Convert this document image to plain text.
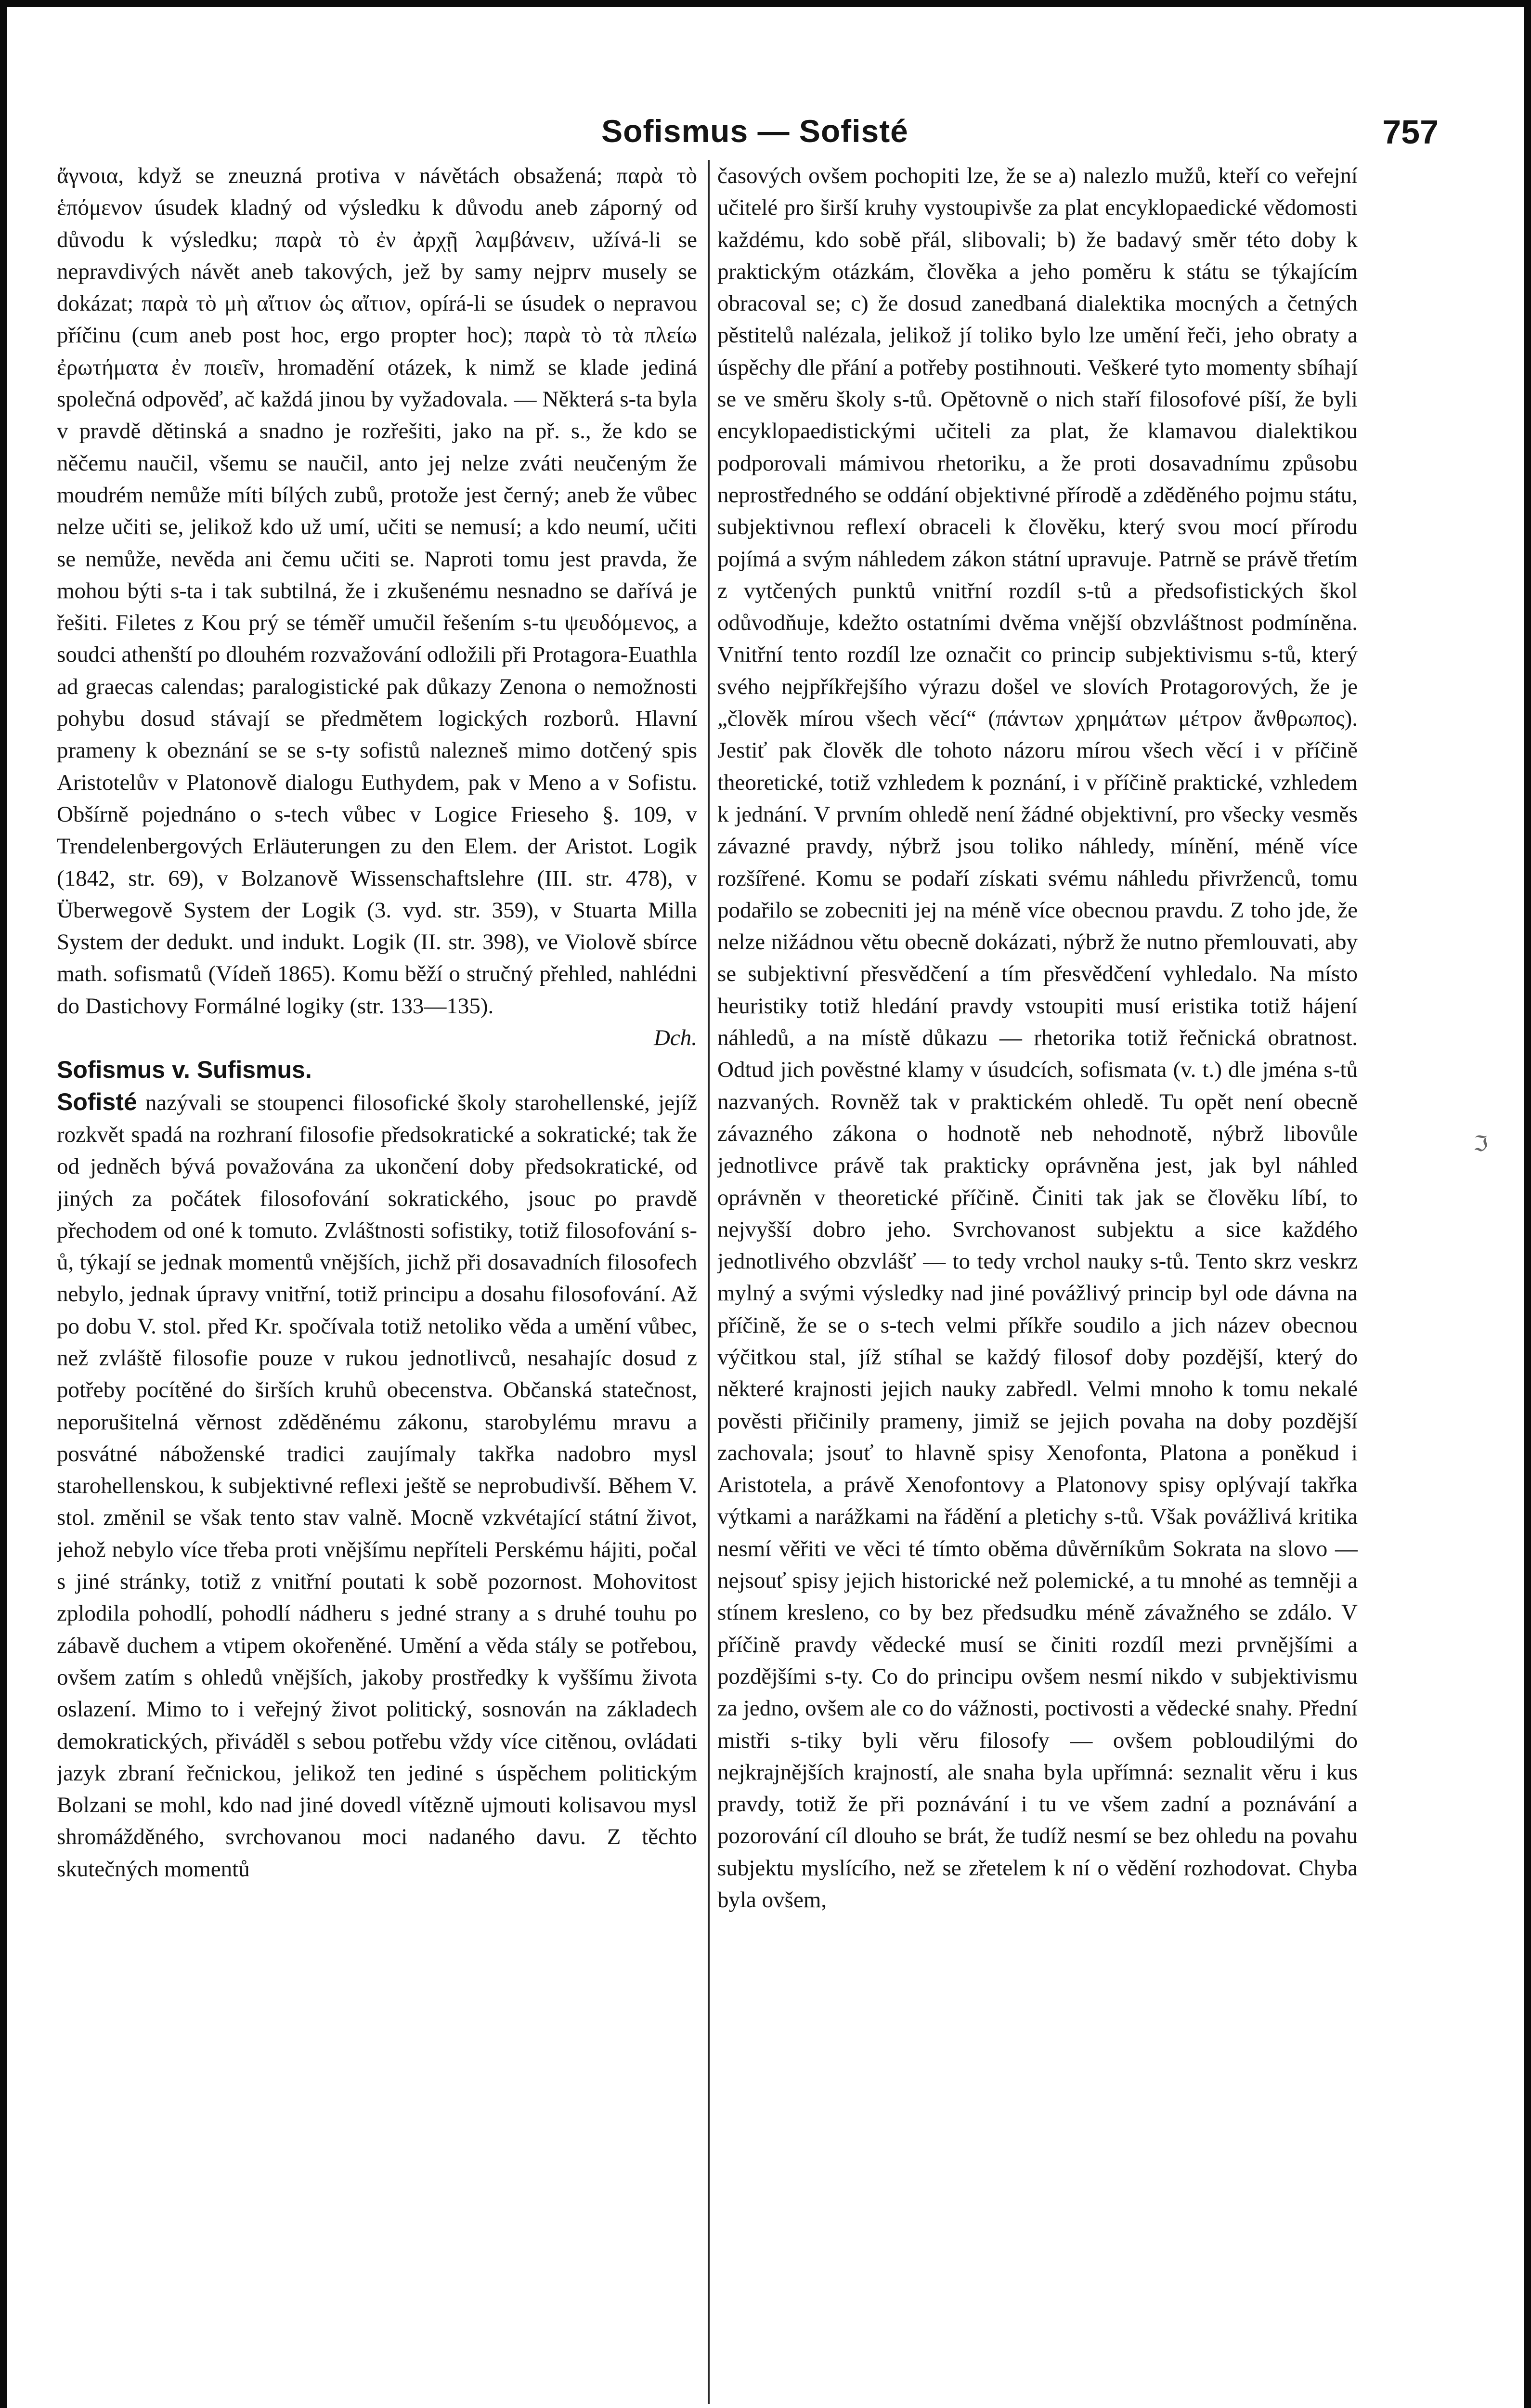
Sofismus — Sofisté	757

ἄγνοια, když se zneuzná protiva v návětách obsažená; παρὰ τὸ ἑπόμενον úsudek kladný od výsledku k důvodu aneb záporný od důvodu k výsledku; παρὰ τὸ ἐν ἀρχῇ λαμβάνειν, užívá-li se nepravdivých návět aneb takových, jež by samy nejprv musely se dokázat; παρὰ τὸ μὴ αἴτιον ὡς αἴτιον, opírá-li se úsudek o nepravou příčinu (cum aneb post hoc, ergo propter hoc); παρὰ τὸ τὰ πλείω ἐρωτήματα ἐν ποιεῖν, hromadění otázek, k nimž se klade jediná společná odpověď, ač každá jinou by vyžadovala. — Některá s-ta byla v pravdě dětinská a snadno je rozřešiti, jako na př. s., že kdo se něčemu naučil, všemu se naučil, anto jej nelze zváti neučeným že moudrém nemůže míti bílých zubů, protože jest černý; aneb že vůbec nelze učiti se, jelikož kdo už umí, učiti se nemusí; a kdo neumí, učiti se nemůže, nevěda ani čemu učiti se. Naproti tomu jest pravda, že mohou býti s-ta i tak subtilná, že i zkušenému nesnadno se dařívá je řešiti. Filetes z Kou prý se téměř umučil řešením s-tu ψευδόμενος, a soudci athenští po dlouhém rozvažování odložili při Protagora-Euathla ad graecas calendas; paralogistické pak důkazy Zenona o nemožnosti pohybu dosud stávají se předmětem logických rozborů. Hlavní prameny k obeznání se se s-ty sofistů nalezneš mimo dotčený spis Aristotelův v Platonově dialogu Euthydem, pak v Meno a v Sofistu. Obšírně pojednáno o s-tech vůbec v Logice Frieseho §. 109, v Trendelenbergových Erläuterungen zu den Elem. der Aristot. Logik (1842, str. 69), v Bolzanově Wissenschaftslehre (III. str. 478), v Überwegově System der Logik (3. vyd. str. 359), v Stuarta Milla System der dedukt. und indukt. Logik (II. str. 398), ve Violově sbírce math. sofismatů (Vídeň 1865). Komu běží o stručný přehled, nahlédni do Dastichovy Formálné logiky (str. 133—135).

Dch.

Sofismus v. Sufismus.

Sofisté nazývali se stoupenci filosofické školy starohellenské, jejíž rozkvět spadá na rozhraní filosofie předsokratické a sokratické; tak že od jedněch bývá považována za ukončení doby předsokratické, od jiných za počátek filosofování sokratického, jsouc po pravdě přechodem od oné k tomuto. Zvláštnosti sofistiky, totiž filosofování s-ů, týkají se jednak momentů vnějších, jichž při dosavadních filosofech nebylo, jednak úpravy vnitřní, totiž principu a dosahu filosofování. Až po dobu V. stol. před Kr. spočívala totiž netoliko věda a umění vůbec, než zvláště filosofie pouze v rukou jednotlivců, nesahajíc dosud z potřeby pocítěné do širších kruhů obecenstva. Občanská statečnost, neporušitelná věrnost zděděnému zákonu, starobylému mravu a posvátné náboženské tradici zaujímaly takřka nadobro mysl starohellenskou, k subjektivné reflexi ještě se neprobudivší. Během V. stol. změnil se však tento stav valně. Mocně vzkvétající státní život, jehož nebylo více třeba proti vnějšímu nepříteli Perskému hájiti, počal s jiné stránky, totiž z vnitřní poutati k sobě pozornost. Mohovitost zplodila pohodlí, pohodlí nádheru s jedné strany a s druhé touhu po zábavě duchem a vtipem okořeněné. Umění a věda stály se potřebou, ovšem zatím s ohledů vnějších, jakoby prostředky k vyššímu života oslazení. Mimo to i veřejný život politický, sosnován na základech demokratických, přiváděl s sebou potřebu vždy více citěnou, ovládati jazyk zbraní řečnickou, jelikož ten jediné s úspěchem politickým Bolzani se mohl, kdo nad jiné dovedl vítězně ujmouti kolisavou mysl shromážděného, svrchovanou moci nadaného davu. Z těchto skutečných momentů

časových ovšem pochopiti lze, že se a) nalezlo mužů, kteří co veřejní učitelé pro širší kruhy vystoupivše za plat encyklopaedické vědomosti každému, kdo sobě přál, slibovali; b) že badavý směr této doby k praktickým otázkám, člověka a jeho poměru k státu se týkajícím obracoval se; c) že dosud zanedbaná dialektika mocných a četných pěstitelů nalézala, jelikož jí toliko bylo lze umění řeči, jeho obraty a úspěchy dle přání a potřeby postihnouti. Veškeré tyto momenty sbíhají se ve směru školy s-tů. Opětovně o nich staří filosofové píší, že byli encyklopaedistickými učiteli za plat, že klamavou dialektikou podporovali mámivou rhetoriku, a že proti dosavadnímu způsobu neprostředného se oddání objektivné přírodě a zděděného pojmu státu, subjektivnou reflexí obraceli k člověku, který svou mocí přírodu pojímá a svým náhledem zákon státní upravuje. Patrně se právě třetím z vytčených punktů vnitřní rozdíl s-tů a předsofistických škol odůvodňuje, kdežto ostatními dvěma vnější obzvláštnost podmíněna. Vnitřní tento rozdíl lze označit co princip subjektivismu s-tů, který svého nejpříkřejšího výrazu došel ve slovích Protagorových, že je „člověk mírou všech věcí“ (πάντων χρημάτων μέτρον ἄνθρωπος). Jestiť pak člověk dle tohoto názoru mírou všech věcí i v příčině theoretické, totiž vzhledem k poznání, i v příčině praktické, vzhledem k jednání. V prvním ohledě není žádné objektivní, pro všecky vesměs závazné pravdy, nýbrž jsou toliko náhledy, mínění, méně více rozšířené. Komu se podaří získati svému náhledu přivrženců, tomu podařilo se zobecniti jej na méně více obecnou pravdu. Z toho jde, že nelze nižádnou větu obecně dokázati, nýbrž že nutno přemlouvati, aby se subjektivní přesvědčení a tím přesvědčení vyhledalo. Na místo heuristiky totiž hledání pravdy vstoupiti musí eristika totiž hájení náhledů, a na místě důkazu — rhetorika totiž řečnická obratnost. Odtud jich pověstné klamy v úsudcích, sofismata (v. t.) dle jména s-tů nazvaných. Rovněž tak v praktickém ohledě. Tu opět není obecně závazného zákona o hodnotě neb nehodnotě, nýbrž libovůle jednotlivce právě tak prakticky oprávněna jest, jak byl náhled oprávněn v theoretické příčině. Činiti tak jak se člověku líbí, to nejvyšší dobro jeho. Svrchovanost subjektu a sice každého jednotlivého obzvlášť — to tedy vrchol nauky s-tů. Tento skrz veskrz mylný a svými výsledky nad jiné povážlivý princip byl ode dávna na příčině, že se o s-tech velmi příkře soudilo a jich název obecnou výčitkou stal, jíž stíhal se každý filosof doby pozdější, který do některé krajnosti jejich nauky zabředl. Velmi mnoho k tomu nekalé pověsti přičinily prameny, jimiž se jejich povaha na doby pozdější zachovala; jsouť to hlavně spisy Xenofonta, Platona a poněkud i Aristotela, a právě Xenofontovy a Platonovy spisy oplývají takřka výtkami a narážkami na řádění a pletichy s-tů. Však povážlivá kritika nesmí věřiti ve věci té tímto oběma důvěrníkům Sokrata na slovo — nejsouť spisy jejich historické než polemické, a tu mnohé as temněji a stínem kresleno, co by bez předsudku méně závažného se zdálo. V příčině pravdy vědecké musí se činiti rozdíl mezi prvnějšími a pozdějšími s-ty. Co do principu ovšem nesmí nikdo v subjektivismu za jedno, ovšem ale co do vážnosti, poctivosti a vědecké snahy. Přední mistři s-tiky byli věru filosofy — ovšem pobloudilými do nejkrajnějších krajností, ale snaha byla upřímná: seznalit věru i kus pravdy, totiž že při poznávání i tu ve všem zadní a poznávání a pozorování cíl dlouho se brát, že tudíž nesmí se bez ohledu na povahu subjektu myslícího, než se zřetelem k ní o vědění rozhodovat. Chyba byla ovšem,

ℑ
